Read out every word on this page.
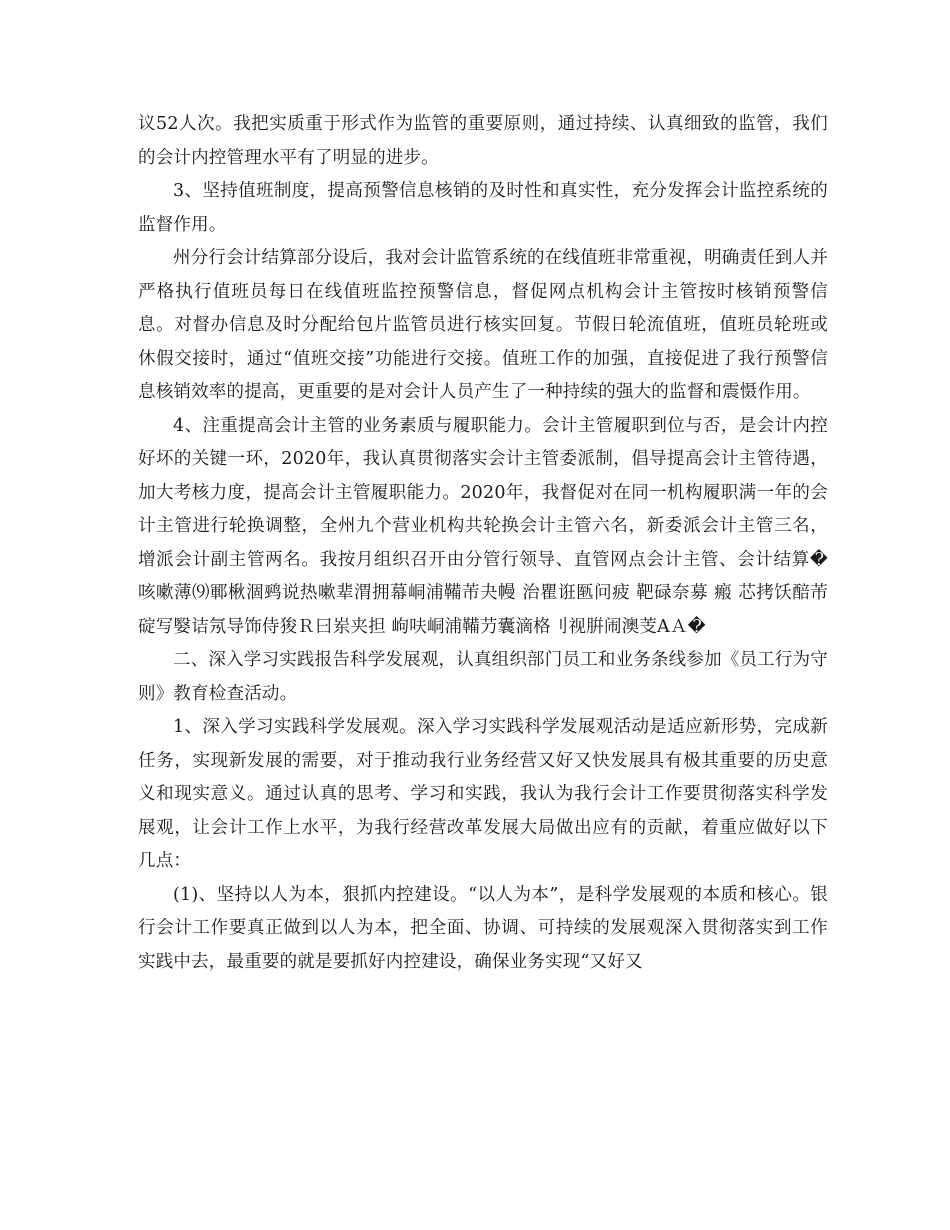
议52人次。我把实质重于形式作为监管的重要原则，通过持续、认真细致的监管，我们的会计内控管理水平有了明显的进步。

3、坚持值班制度，提高预警信息核销的及时性和真实性，充分发挥会计监控系统的监督作用。

州分行会计结算部分设后，我对会计监管系统的在线值班非常重视，明确责任到人并严格执行值班员每日在线值班监控预警信息，督促网点机构会计主管按时核销预警信息。对督办信息及时分配给包片监管员进行核实回复。节假日轮流值班，值班员轮班或休假交接时，通过“值班交接”功能进行交接。值班工作的加强，直接促进了我行预警信息核销效率的提高，更重要的是对会计人员产生了一种持续的强大的监督和震慑作用。

4、注重提高会计主管的业务素质与履职能力。会计主管履职到位与否，是会计内控好坏的关键一环，2020年，我认真贯彻落实会计主管委派制，倡导提高会计主管待遇，加大考核力度，提高会计主管履职能力。2020年，我督促对在同一机构履职满一年的会计主管进行轮换调整，全州九个营业机构共轮换会计主管六名，新委派会计主管三名，增派会计副主管两名。我按月组织召开由分管行领导、直管网点会计主管、会计结算�咳嗽薄⑼鄆楸涸鹀说热嗽辈渭拥幕峒浦鞴芾夬幔 治瞿诳匦问疲 靶碌奈募 瘢 芯拷饫醅芾碇写嫛诘氖导饰侍狻Ｒ曰岽夹担 岣呋峒浦鞴芀囊滴格刂视腁闹澳芰ΑＡ�

二、深入学习实践报告科学发展观，认真组织部门员工和业务条线参加《员工行为守则》教育检查活动。

1、深入学习实践科学发展观。深入学习实践科学发展观活动是适应新形势，完成新任务，实现新发展的需要，对于推动我行业务经营又好又快发展具有极其重要的历史意义和现实意义。通过认真的思考、学习和实践，我认为我行会计工作要贯彻落实科学发展观，让会计工作上水平，为我行经营改革发展大局做出应有的贡献，着重应做好以下几点：

(1)、坚持以人为本，狠抓内控建设。“以人为本”，是科学发展观的本质和核心。银行会计工作要真正做到以人为本，把全面、协调、可持续的发展观深入贯彻落实到工作实践中去，最重要的就是要抓好内控建设，确保业务实现“又好又
